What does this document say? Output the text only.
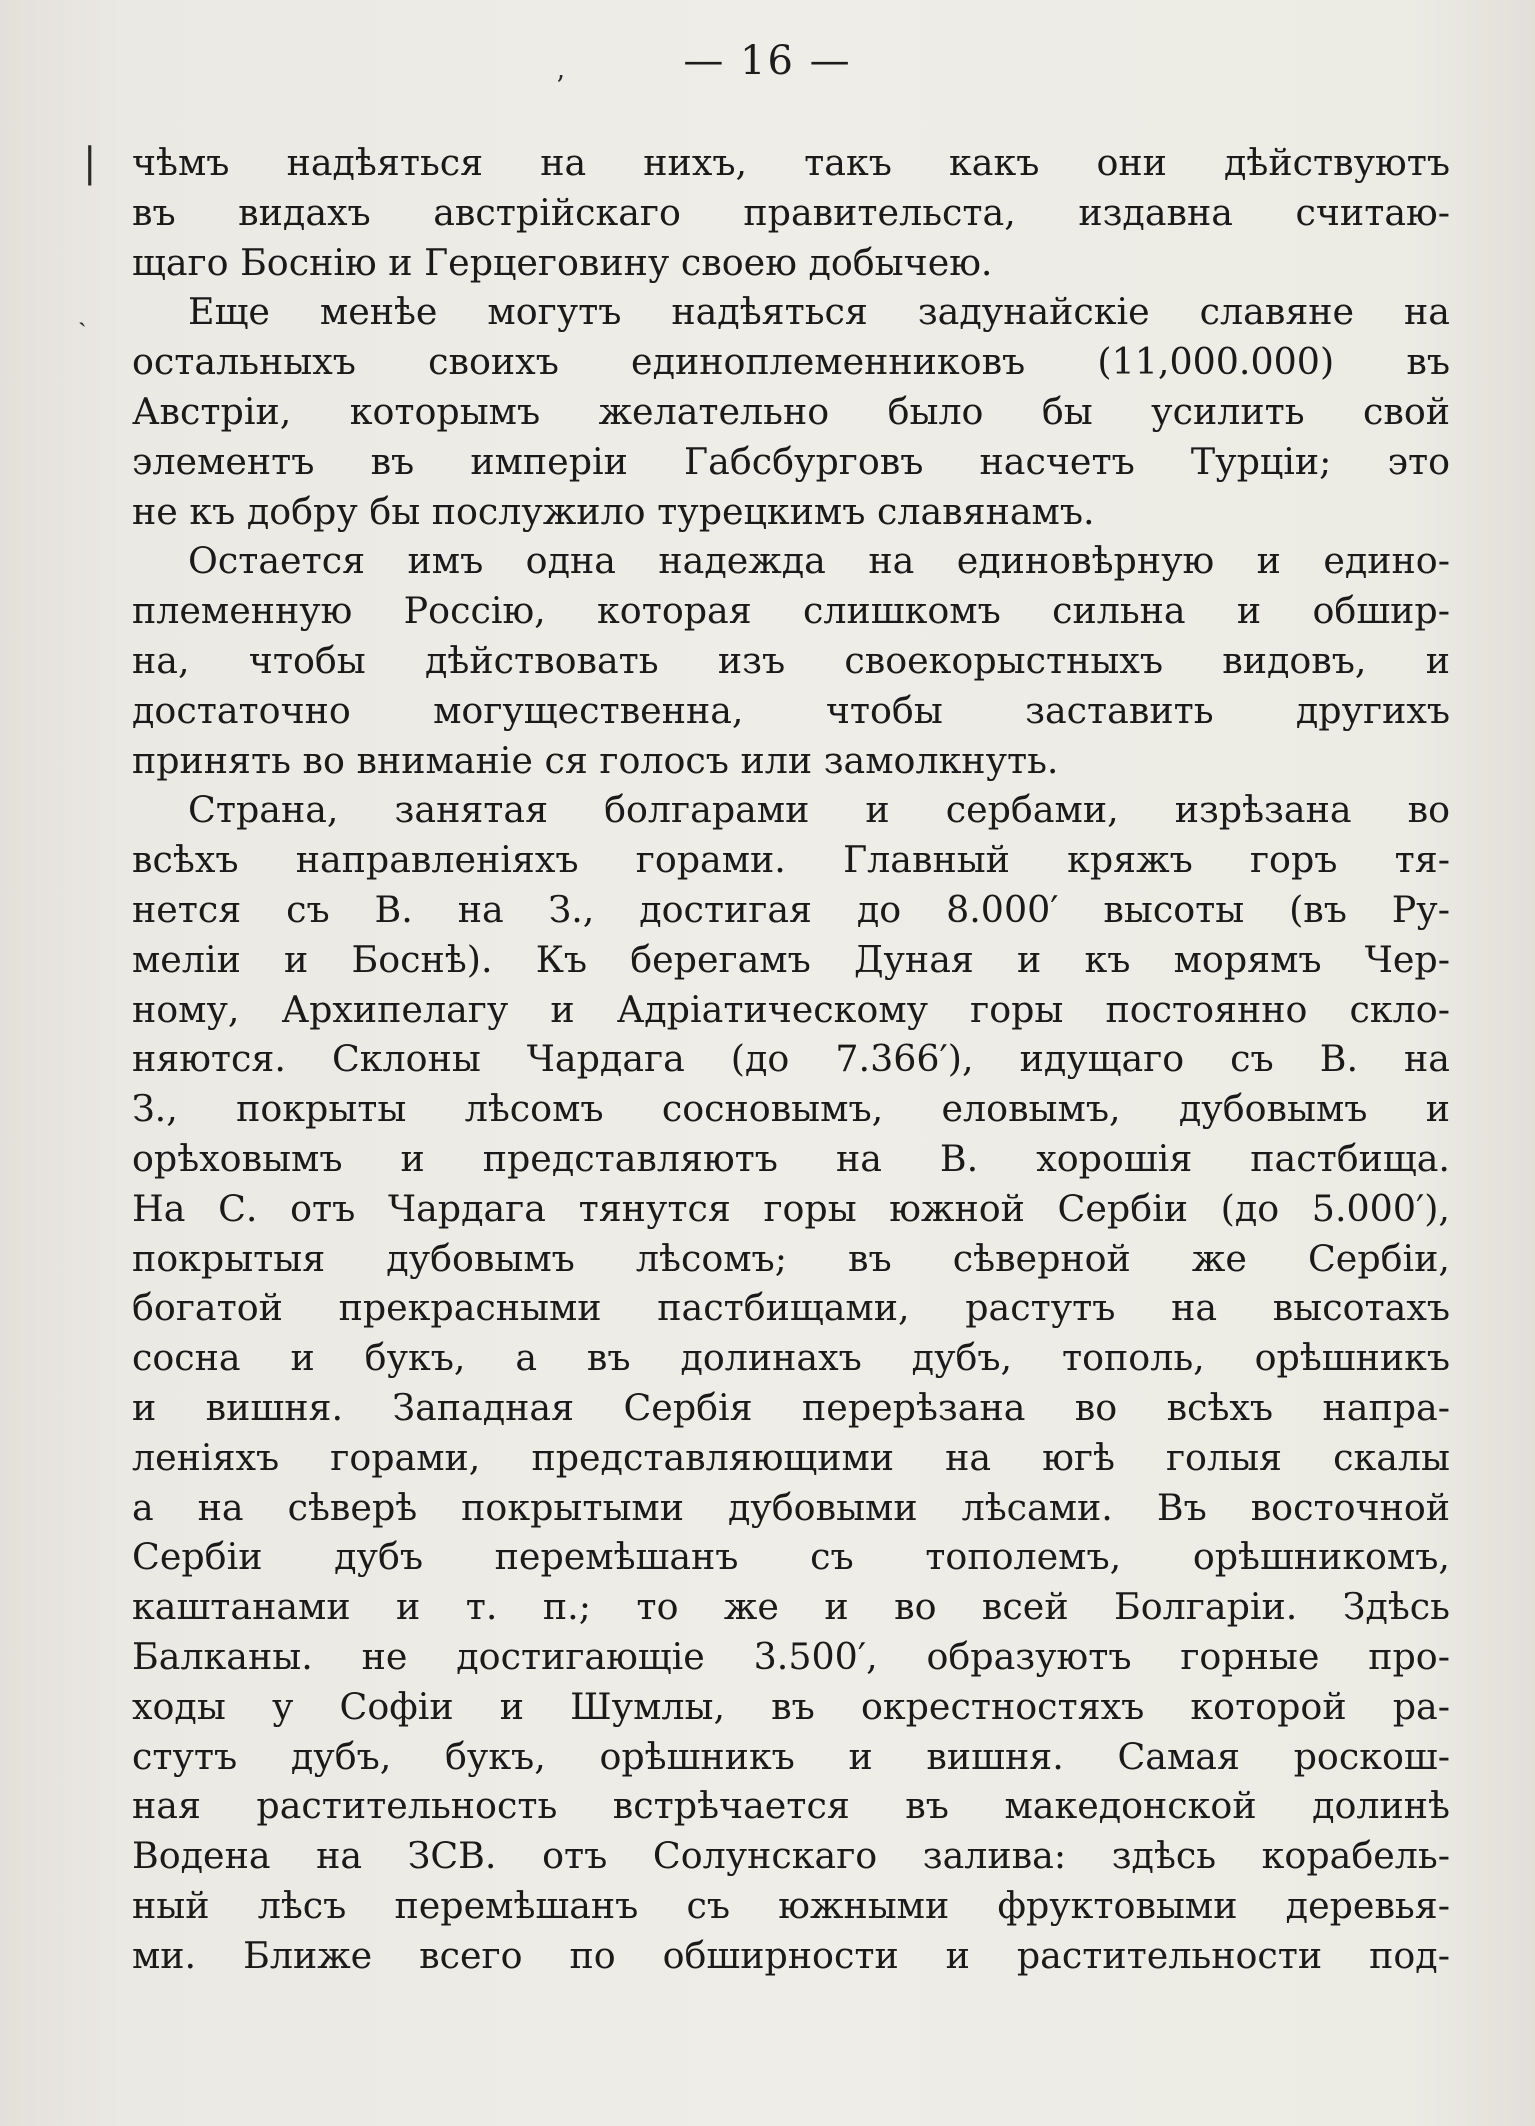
— 16 —
ʼ
|
ˎ
чѣмъ надѣяться на нихъ, такъ какъ они дѣйствуютъ
въ видахъ австрійскаго правительста, издавна считаю-
щаго Боснію и Герцеговину своею добычею.
Еще менѣе могутъ надѣяться задунайскіе славяне на
остальныхъ своихъ единоплеменниковъ (11,000.000) въ
Австріи, которымъ желательно было бы усилить свой
элементъ въ имперіи Габсбурговъ насчетъ Турціи; это
не къ добру бы послужило турецкимъ славянамъ.
Остается имъ одна надежда на единовѣрную и едино-
племенную Россію, которая слишкомъ сильна и обшир-
на, чтобы дѣйствовать изъ своекорыстныхъ видовъ, и
достаточно могущественна, чтобы заставить другихъ
принять во вниманіе ся голосъ или замолкнуть.
Страна, занятая болгарами и сербами, изрѣзана во
всѣхъ направленіяхъ горами. Главный кряжъ горъ тя-
нется съ В. на З., достигая до 8.000′ высоты (въ Ру-
меліи и Боснѣ). Къ берегамъ Дуная и къ морямъ Чер-
ному, Архипелагу и Адріатическому горы постоянно скло-
няются. Склоны Чардага (до 7.366′), идущаго съ В. на
З., покрыты лѣсомъ сосновымъ, еловымъ, дубовымъ и
орѣховымъ и представляютъ на В. хорошія пастбища.
На С. отъ Чардага тянутся горы южной Сербіи (до 5.000′),
покрытыя дубовымъ лѣсомъ; въ сѣверной же Сербіи,
богатой прекрасными пастбищами, растутъ на высотахъ
сосна и букъ, а въ долинахъ дубъ, тополь, орѣшникъ
и вишня. Западная Сербія перерѣзана во всѣхъ напра-
леніяхъ горами, представляющими на югѣ голыя скалы
а на сѣверѣ покрытыми дубовыми лѣсами. Въ восточной
Сербіи дубъ перемѣшанъ съ тополемъ, орѣшникомъ,
каштанами и т. п.; то же и во всей Болгаріи. Здѣсь
Балканы. не достигающіе 3.500′, образуютъ горные про-
ходы у Софіи и Шумлы, въ окрестностяхъ которой ра-
стутъ дубъ, букъ, орѣшникъ и вишня. Самая роскош-
ная растительность встрѣчается въ македонской долинѣ
Водена на ЗСВ. отъ Солунскаго залива: здѣсь корабель-
ный лѣсъ перемѣшанъ съ южными фруктовыми деревья-
ми. Ближе всего по обширности и растительности под-
